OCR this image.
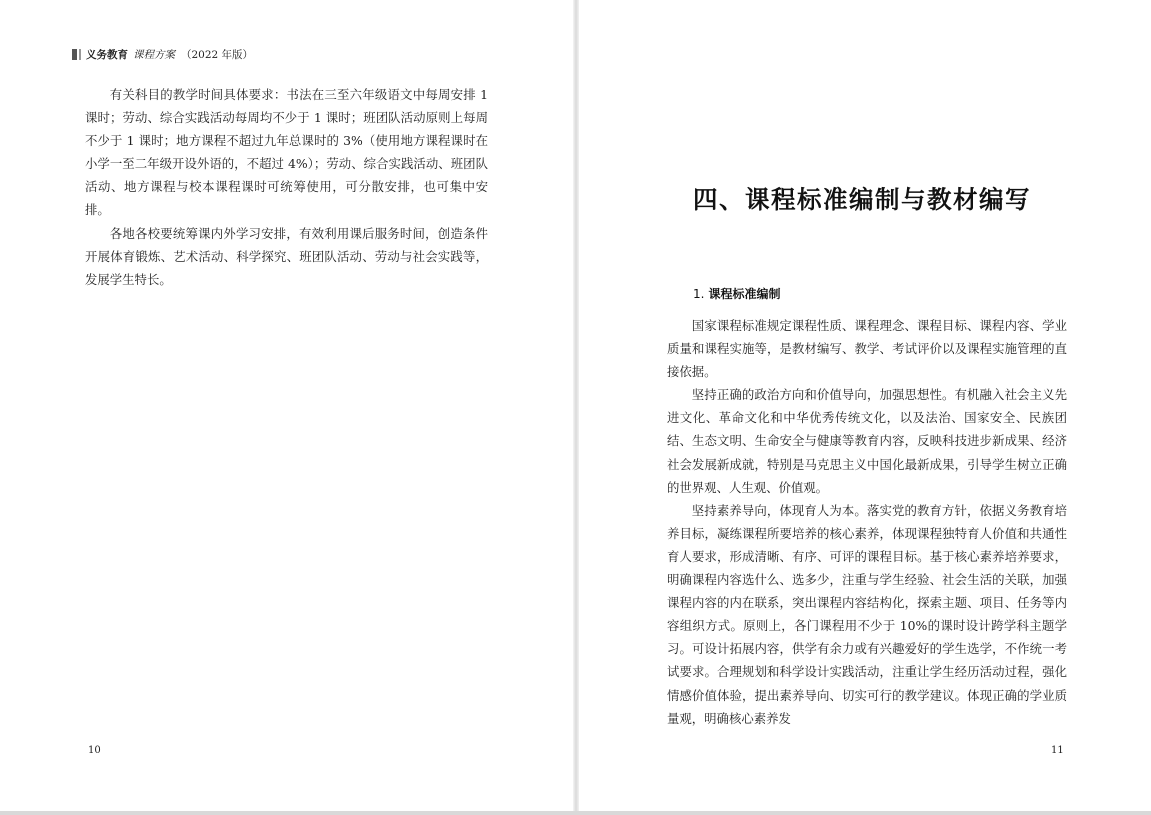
义务教育 课程方案 （2022 年版）

有关科目的教学时间具体要求：书法在三至六年级语文中每周安排 1 课时；劳动、综合实践活动每周均不少于 1 课时；班团队活动原则上每周不少于 1 课时；地方课程不超过九年总课时的 3%（使用地方课程课时在小学一至二年级开设外语的，不超过 4%）；劳动、综合实践活动、班团队活动、地方课程与校本课程课时可统筹使用，可分散安排，也可集中安排。

各地各校要统筹课内外学习安排，有效利用课后服务时间，创造条件开展体育锻炼、艺术活动、科学探究、班团队活动、劳动与社会实践等，发展学生特长。

10
四、课程标准编制与教材编写
1. 课程标准编制

国家课程标准规定课程性质、课程理念、课程目标、课程内容、学业质量和课程实施等，是教材编写、教学、考试评价以及课程实施管理的直接依据。

坚持正确的政治方向和价值导向，加强思想性。有机融入社会主义先进文化、革命文化和中华优秀传统文化，以及法治、国家安全、民族团结、生态文明、生命安全与健康等教育内容，反映科技进步新成果、经济社会发展新成就，特别是马克思主义中国化最新成果，引导学生树立正确的世界观、人生观、价值观。

坚持素养导向，体现育人为本。落实党的教育方针，依据义务教育培养目标，凝练课程所要培养的核心素养，体现课程独特育人价值和共通性育人要求，形成清晰、有序、可评的课程目标。基于核心素养培养要求，明确课程内容选什么、选多少，注重与学生经验、社会生活的关联，加强课程内容的内在联系，突出课程内容结构化，探索主题、项目、任务等内容组织方式。原则上，各门课程用不少于 10%的课时设计跨学科主题学习。可设计拓展内容，供学有余力或有兴趣爱好的学生选学，不作统一考试要求。合理规划和科学设计实践活动，注重让学生经历活动过程，强化情感价值体验，提出素养导向、切实可行的教学建议。体现正确的学业质量观，明确核心素养发

11
